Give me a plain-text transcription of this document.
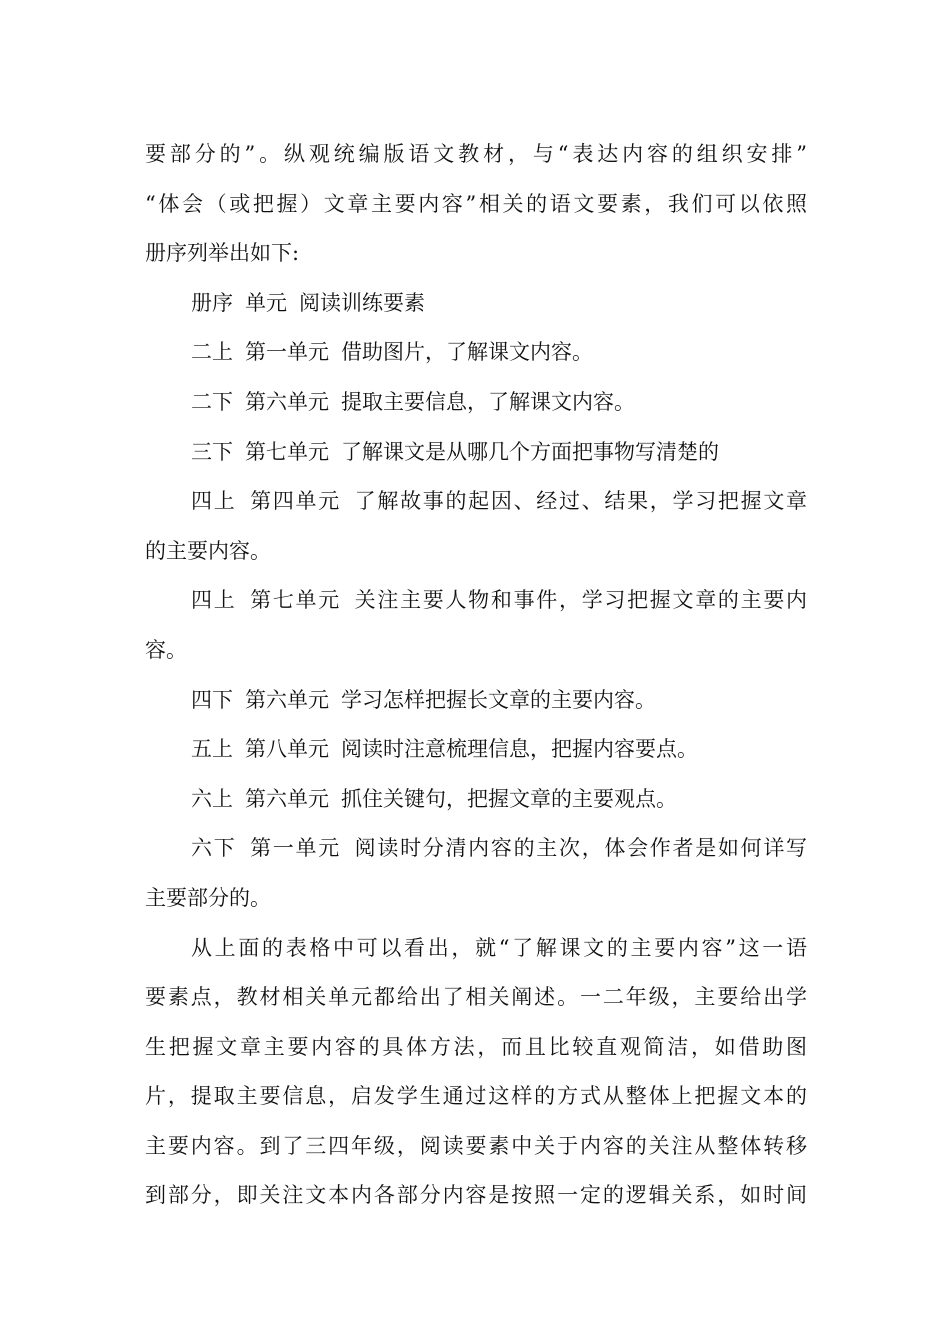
要部分的”。纵观统编版语文教材，与“表达内容的组织安排”
“体会（或把握）文章主要内容”相关的语文要素，我们可以依照
册序列举出如下:
册序 单元 阅读训练要素
二上 第一单元 借助图片，了解课文内容。
二下 第六单元 提取主要信息，了解课文内容。
三下 第七单元 了解课文是从哪几个方面把事物写清楚的
四上 第四单元 了解故事的起因、经过、结果，学习把握文章
的主要内容。
四上 第七单元 关注主要人物和事件，学习把握文章的主要内
容。
四下 第六单元 学习怎样把握长文章的主要内容。
五上 第八单元 阅读时注意梳理信息，把握内容要点。
六上 第六单元 抓住关键句，把握文章的主要观点。
六下 第一单元 阅读时分清内容的主次，体会作者是如何详写
主要部分的。
从上面的表格中可以看出，就“了解课文的主要内容”这一语
要素点，教材相关单元都给出了相关阐述。一二年级，主要给出学
生把握文章主要内容的具体方法，而且比较直观简洁，如借助图
片，提取主要信息，启发学生通过这样的方式从整体上把握文本的
主要内容。到了三四年级，阅读要素中关于内容的关注从整体转移
到部分，即关注文本内各部分内容是按照一定的逻辑关系，如时间
